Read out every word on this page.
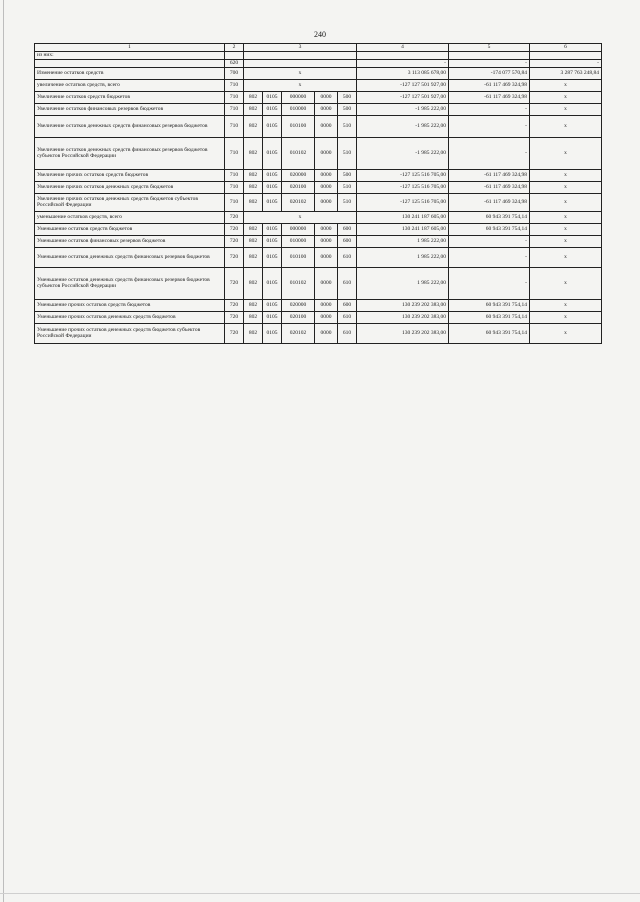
240
1	2	3					4	5	6
из них:									
	620						-	-	-
Изменение остатков средств	700	x					3 113 085 678,00	-174 077 570,84	3 287 763 248,84
увеличение остатков средств, всего	710	x					-127 127 501 927,00	-61 117 469 324,98	x
Увеличение остатков средств бюджетов	710	802	0105	000000	0000	500	-127 127 501 927,00	-61 117 469 324,98	x
Увеличение остатков финансовых резервов бюджетов	710	802	0105	010000	0000	500	-1 985 222,00	-	x
Увеличение остатков денежных средств финансовых резервов бюджетов	710	802	0105	010100	0000	510	-1 985 222,00	-	x
Увеличение остатков денежных средств финансовых резервов бюджетов субъектов Российской Федерации	710	802	0105	010102	0000	510	-1 985 222,00	-	x
Увеличение прочих остатков средств бюджетов	710	802	0105	020000	0000	500	-127 125 516 705,00	-61 117 469 324,98	x
Увеличение прочих остатков денежных средств бюджетов	710	802	0105	020100	0000	510	-127 125 516 705,00	-61 117 469 324,98	x
Увеличение прочих остатков денежных средств бюджетов субъектов Российской Федерации	710	802	0105	020102	0000	510	-127 125 516 705,00	-61 117 469 324,98	x
уменьшение остатков средств, всего	720	x					130 241 187 605,00	60 943 391 754,14	x
Уменьшение остатков средств бюджетов	720	802	0105	000000	0000	600	130 241 187 605,00	60 943 391 754,14	x
Уменьшение остатков финансовых резервов бюджетов	720	802	0105	010000	0000	600	1 985 222,00	-	x
Уменьшение остатков денежных средств финансовых резервов бюджетов	720	802	0105	010100	0000	610	1 985 222,00	-	x
Уменьшение остатков денежных средств финансовых резервов бюджетов субъектов Российской Федерации	720	802	0105	010102	0000	610	1 985 222,00	-	x
Уменьшение прочих остатков средств бюджетов	720	802	0105	020000	0000	600	130 239 202 383,00	60 943 391 754,14	x
Уменьшение прочих остатков денежных средств бюджетов	720	802	0105	020100	0000	610	130 239 202 383,00	60 943 391 754,14	x
Уменьшение прочих остатков денежных средств бюджетов субъектов Российской Федерации	720	802	0105	020102	0000	610	130 239 202 383,00	60 943 391 754,14	x
